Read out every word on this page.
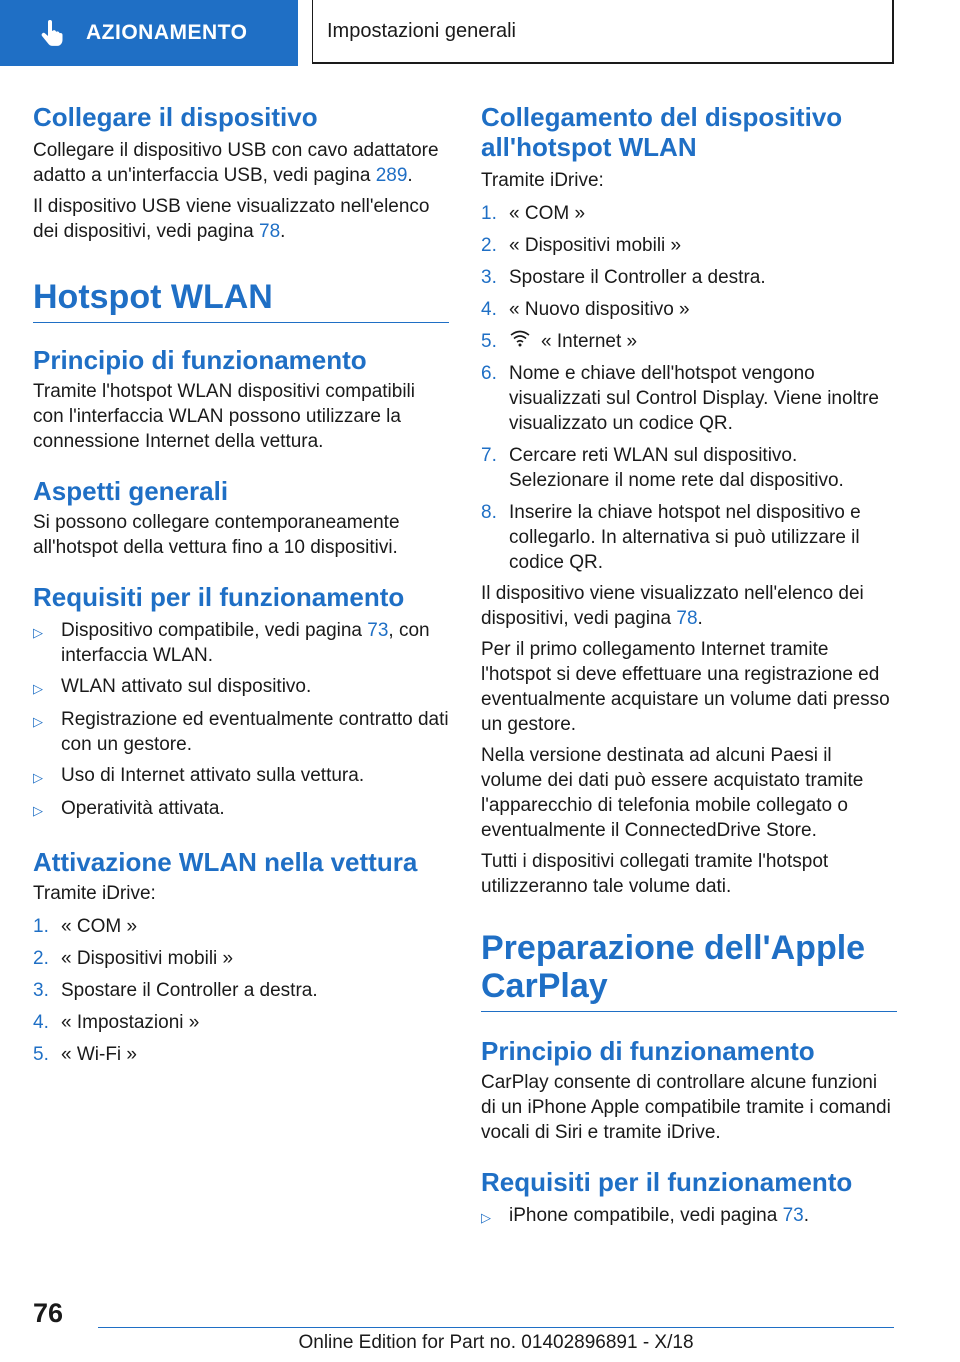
AZIONAMENTO	Impostazioni generali
Collegare il dispositivo

Collegare il dispositivo USB con cavo adattatore adatto a un'interfaccia USB, vedi pagina 289.

Il dispositivo USB viene visualizzato nell'elenco dei dispositivi, vedi pagina 78.

Hotspot WLAN
Principio di funzionamento

Tramite l'hotspot WLAN dispositivi compatibili con l'interfaccia WLAN possono utilizzare la connessione Internet della vettura.

Aspetti generali

Si possono collegare contemporaneamente all'hotspot della vettura fino a 10 dispositivi.

Requisiti per il funzionamento
▷ Dispositivo compatibile, vedi pagina 73, con interfaccia WLAN.
▷ WLAN attivato sul dispositivo.
▷ Registrazione ed eventualmente contratto dati con un gestore.
▷ Uso di Internet attivato sulla vettura.
▷ Operatività attivata.
Attivazione WLAN nella vettura

Tramite iDrive:

1. « COM »
2. « Dispositivi mobili »
3. Spostare il Controller a destra.
4. « Impostazioni »
5. « Wi-Fi »
Collegamento del dispositivo all'hotspot WLAN

Tramite iDrive:

1. « COM »
2. « Dispositivi mobili »
3. Spostare il Controller a destra.
4. « Nuovo dispositivo »
5.	« Internet »
6. Nome e chiave dell'hotspot vengono visualizzati sul Control Display. Viene inoltre visualizzato un codice QR.
7. Cercare reti WLAN sul dispositivo. Selezionare il nome rete dal dispositivo.
8. Inserire la chiave hotspot nel dispositivo e collegarlo. In alternativa si può utilizzare il codice QR.

Il dispositivo viene visualizzato nell'elenco dei dispositivi, vedi pagina 78.

Per il primo collegamento Internet tramite l'hotspot si deve effettuare una registrazione ed eventualmente acquistare un volume dati presso un gestore.

Nella versione destinata ad alcuni Paesi il volume dei dati può essere acquistato tramite l'apparecchio di telefonia mobile collegato o eventualmente il ConnectedDrive Store.

Tutti i dispositivi collegati tramite l'hotspot utilizzeranno tale volume dati.

Preparazione dell'Apple CarPlay
Principio di funzionamento

CarPlay consente di controllare alcune funzioni di un iPhone Apple compatibile tramite i comandi vocali di Siri e tramite iDrive.

Requisiti per il funzionamento
▷ iPhone compatibile, vedi pagina 73.
76
Online Edition for Part no. 01402896891 - X/18
